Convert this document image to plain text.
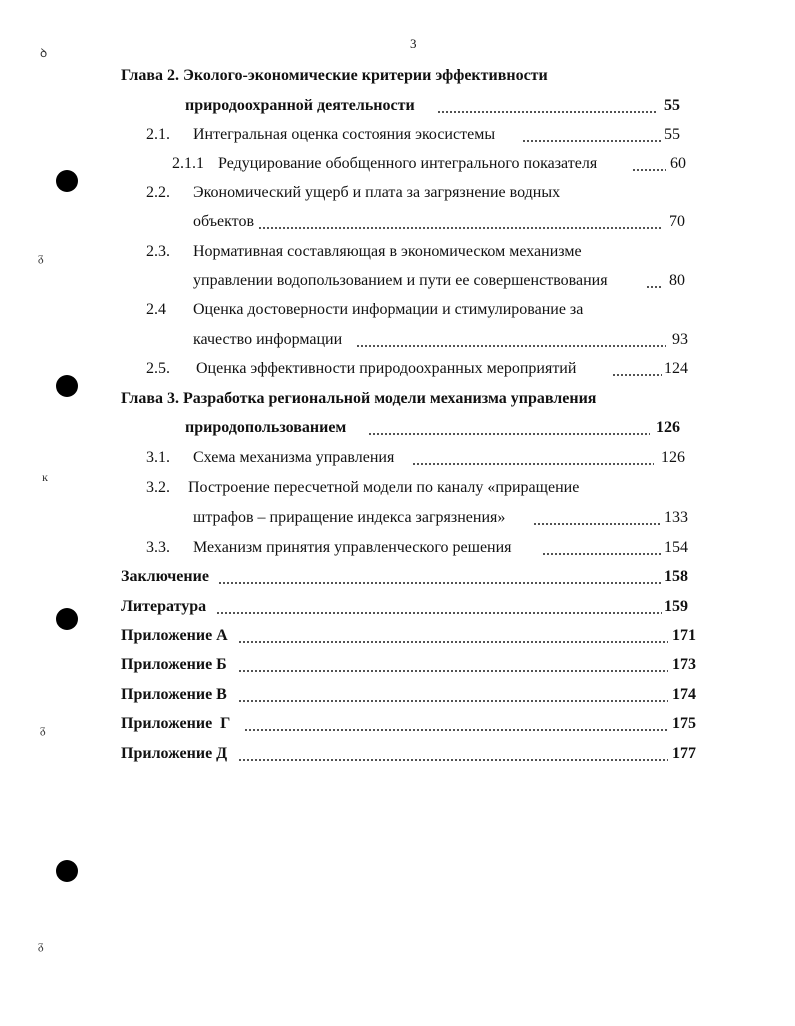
3
ꝺ
ᵹ
ĸ
ᵹ
ᵹ
Глава 2. Эколого-экономические критерии эффективности
природоохранной деятельности	55
2.1. Интегральная оценка состояния экосистемы	55
2.1.1 Редуцирование обобщенного интегрального показателя	60
2.2. Экономический ущерб и плата за загрязнение водных
объектов	70
2.3. Нормативная составляющая в экономическом механизме
управлении водопользованием и пути ее совершенствования	80
2.4 Оценка достоверности информации и стимулирование за
качество информации	93
2.5. Оценка эффективности природоохранных мероприятий	124
Глава 3. Разработка региональной модели механизма управления
природопользованием	126
3.1. Схема механизма управления	126
3.2. Построение пересчетной модели по каналу «приращение
штрафов – приращение индекса загрязнения»	133
3.3. Механизм принятия управленческого решения	154
Заключение	158
Литература	159
Приложение А	171
Приложение Б	173
Приложение В	174
Приложение  Г	175
Приложение Д	177
